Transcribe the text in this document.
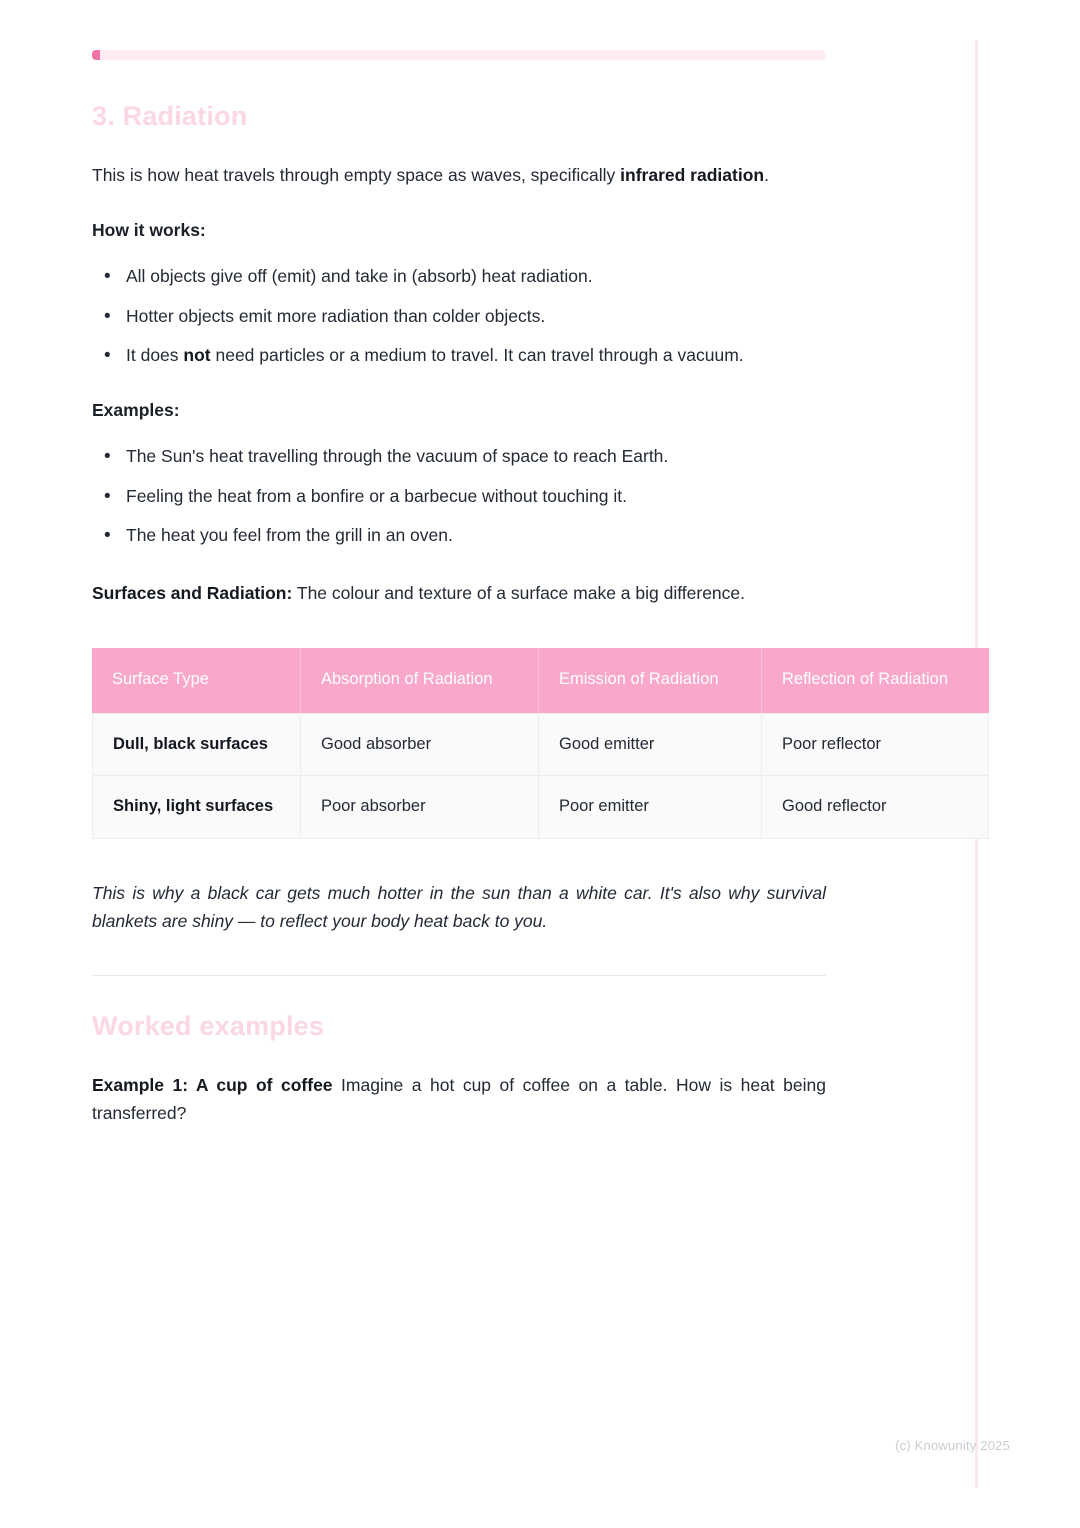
3. Radiation

This is how heat travels through empty space as waves, specifically infrared radiation.

How it works:

• All objects give off (emit) and take in (absorb) heat radiation.
• Hotter objects emit more radiation than colder objects.
• It does not need particles or a medium to travel. It can travel through a vacuum.

Examples:

• The Sun's heat travelling through the vacuum of space to reach Earth.
• Feeling the heat from a bonfire or a barbecue without touching it.
• The heat you feel from the grill in an oven.

Surfaces and Radiation: The colour and texture of a surface make a big difference.

Surface Type	Absorption of Radiation	Emission of Radiation	Reflection of Radiation
Dull, black surfaces	Good absorber	Good emitter	Poor reflector
Shiny, light surfaces	Poor absorber	Poor emitter	Good reflector

This is why a black car gets much hotter in the sun than a white car. It's also why survival blankets are shiny — to reflect your body heat back to you.

Worked examples

Example 1: A cup of coffee Imagine a hot cup of coffee on a table. How is heat being transferred?

(c) Knowunity 2025
